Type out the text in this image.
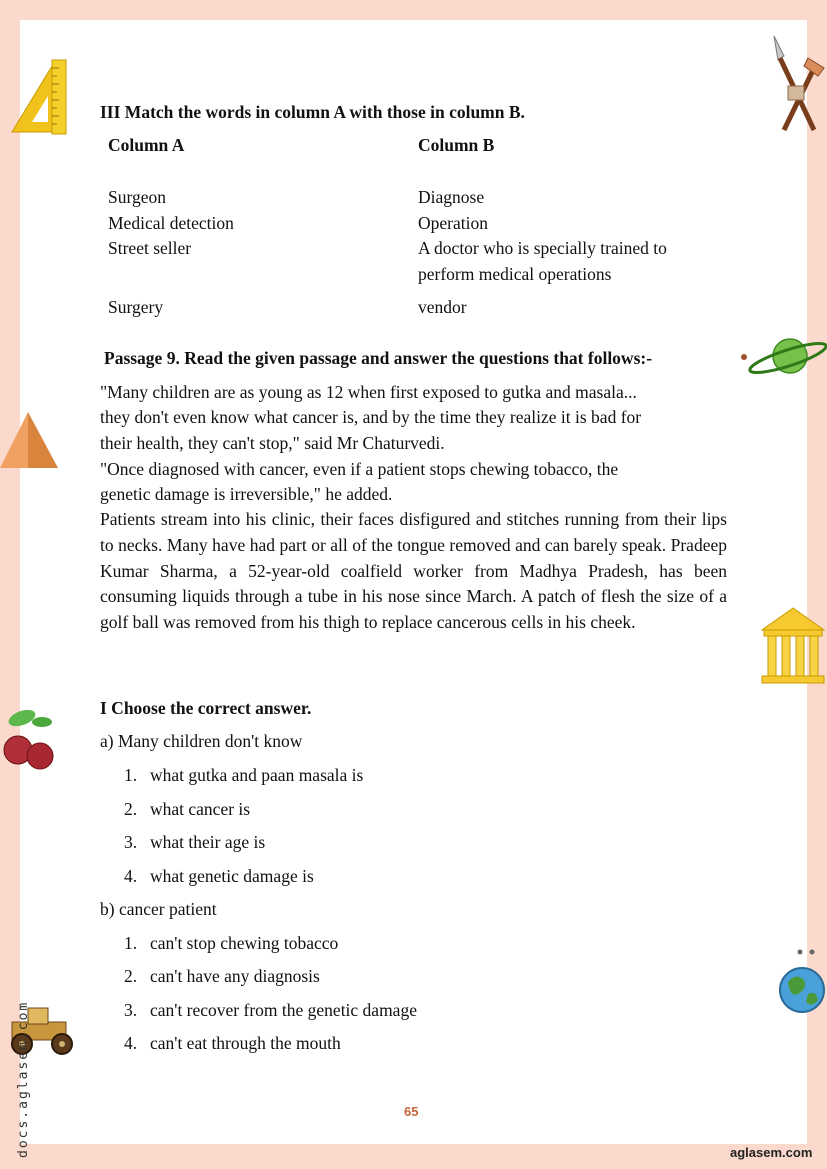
docs.aglasem.com
III Match the words in column A with those in column B.
Column A	Column B
Surgeon	Diagnose
Medical detection	Operation
Street seller	A doctor who is specially trained to
perform medical operations
Surgery	vendor
Passage 9. Read the given passage and answer the questions that follows:-
"Many children are as young as 12 when first exposed to gutka and masala...
they don't even know what cancer is, and by the time they realize it is bad for
their health, they can't stop," said Mr Chaturvedi.
"Once diagnosed with cancer, even if a patient stops chewing tobacco, the
genetic damage is irreversible," he added.
Patients stream into his clinic, their faces disfigured and stitches running from their lips to necks. Many have had part or all of the tongue removed and can barely speak. Pradeep Kumar Sharma, a 52-year-old coalfield worker from Madhya Pradesh, has been consuming liquids through a tube in his nose since March. A patch of flesh the size of a golf ball was removed from his thigh to replace cancerous cells in his cheek.
I Choose the correct answer.
a) Many children don't know
1. what gutka and paan masala is
2. what cancer is
3. what their age is
4. what genetic damage is
b) cancer patient
1. can't stop chewing tobacco
2. can't have any diagnosis
3. can't recover from the genetic damage
4. can't eat through the mouth
65
aglasem.com
